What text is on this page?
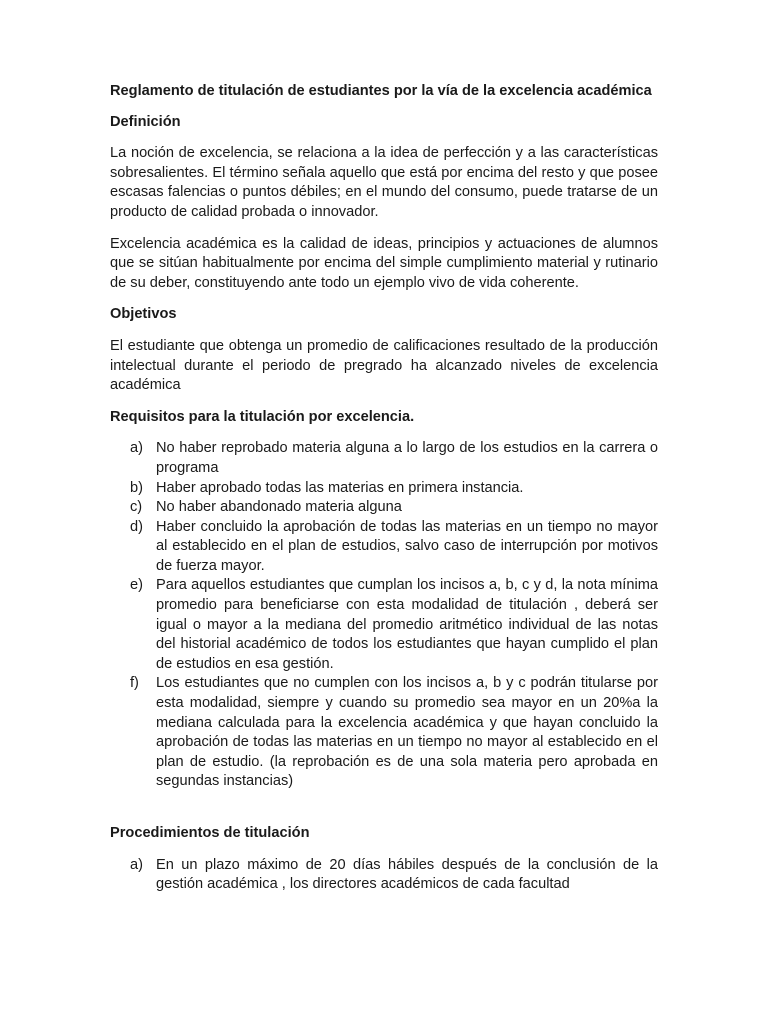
Reglamento de titulación de estudiantes por la vía de la excelencia académica

Definición

La noción de excelencia, se relaciona a la idea de perfección y a las características sobresalientes. El término señala aquello que está por encima del resto y que posee escasas falencias o puntos débiles; en el mundo del consumo, puede tratarse de un producto de calidad probada o innovador.

Excelencia académica es la calidad de ideas, principios y actuaciones de alumnos que se sitúan habitualmente por encima del simple cumplimiento material y rutinario de su deber, constituyendo ante todo un ejemplo vivo de vida coherente.

Objetivos

El estudiante que obtenga un promedio de calificaciones resultado de la producción intelectual durante el periodo de pregrado ha alcanzado niveles de excelencia académica

Requisitos para la titulación por excelencia.

a) No haber reprobado materia alguna a lo largo de los estudios en la carrera o programa
b) Haber aprobado todas las materias en primera instancia.
c) No haber abandonado materia alguna
d) Haber concluido la aprobación de todas las materias en un tiempo no mayor al establecido en el plan de estudios, salvo caso de interrupción por motivos de fuerza mayor.
e) Para aquellos estudiantes que cumplan los incisos a, b, c y d, la nota mínima promedio para beneficiarse con esta modalidad de titulación , deberá ser igual o mayor a la mediana del promedio aritmético individual de las notas del historial académico de todos los estudiantes que hayan cumplido el plan de estudios en esa gestión.
f) Los estudiantes que no cumplen con los incisos a, b y c podrán titularse por esta modalidad, siempre y cuando su promedio sea mayor en un 20%a la mediana calculada para la excelencia académica y que hayan concluido la aprobación de todas las materias en un tiempo no mayor al establecido en el plan de estudio. (la reprobación es de una sola materia pero aprobada en segundas instancias)

Procedimientos de titulación

a) En un plazo máximo de 20 días hábiles después de la conclusión de la gestión académica , los directores académicos de cada facultad
